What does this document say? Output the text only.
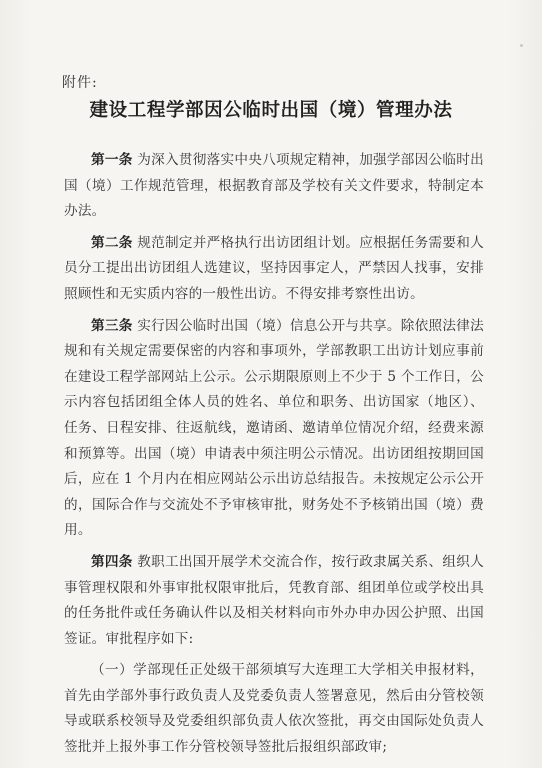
附件:
建设工程学部因公临时出国（境）管理办法

第一条 为深入贯彻落实中央八项规定精神，加强学部因公临时出国（境）工作规范管理，根据教育部及学校有关文件要求，特制定本办法。

第二条 规范制定并严格执行出访团组计划。应根据任务需要和人员分工提出出访团组人选建议，坚持因事定人，严禁因人找事，安排照顾性和无实质内容的一般性出访。不得安排考察性出访。

第三条 实行因公临时出国（境）信息公开与共享。除依照法律法规和有关规定需要保密的内容和事项外，学部教职工出访计划应事前在建设工程学部网站上公示。公示期限原则上不少于 5 个工作日，公示内容包括团组全体人员的姓名、单位和职务、出访国家（地区）、任务、日程安排、往返航线，邀请函、邀请单位情况介绍，经费来源和预算等。出国（境）申请表中须注明公示情况。出访团组按期回国后，应在 1 个月内在相应网站公示出访总结报告。未按规定公示公开的，国际合作与交流处不予审核审批，财务处不予核销出国（境）费用。

第四条 教职工出国开展学术交流合作，按行政隶属关系、组织人事管理权限和外事审批权限审批后，凭教育部、组团单位或学校出具的任务批件或任务确认件以及相关材料向市外办申办因公护照、出国签证。审批程序如下:

（一）学部现任正处级干部须填写大连理工大学相关申报材料，首先由学部外事行政负责人及党委负责人签署意见，然后由分管校领导或联系校领导及党委组织部负责人依次签批，再交由国际处负责人签批并上报外事工作分管校领导签批后报组织部政审;
